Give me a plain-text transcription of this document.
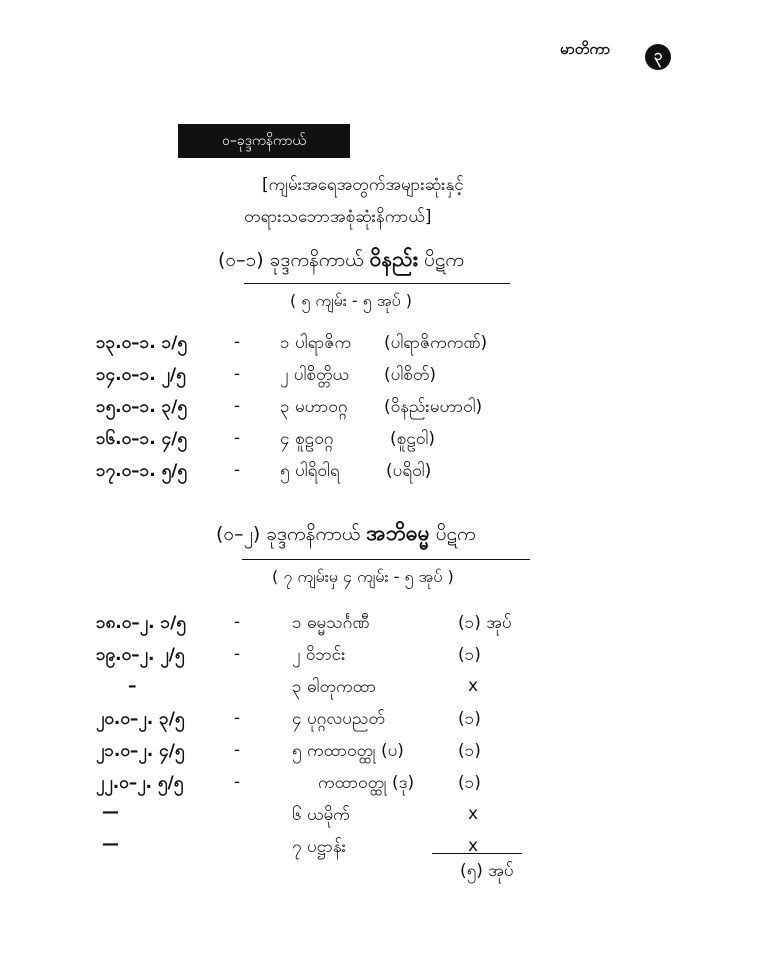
မာတိကာ	၃
ဝ–ခုဒ္ဒကနိကာယ်
[ကျမ်းအရေအတွက်အများဆုံးနှင့်
တရားသဘောအစုံဆုံးနိကာယ်]
(ဝ–၁) ခုဒ္ဒကနိကာယ် ဝိနည်း ပိဋက
( ၅ ကျမ်း - ၅ အုပ် )
၁၃.ဝ–၁. ၁/၅	- ၁ ပါရာဇိက (ပါရာဇိကကဏ်)
၁၄.ဝ–၁. ၂/၅	- ၂ ပါစိတ္တိယ (ပါစိတ်)
၁၅.ဝ–၁. ၃/၅	- ၃ မဟာဝဂ္ဂ (ဝိနည်းမဟာဝါ)
၁၆.ဝ–၁. ၄/၅	- ၄ စူဠဝဂ္ဂ	(စူဠဝါ)
၁၇.ဝ–၁. ၅/၅	- ၅ ပါရိဝါရ	(ပရိဝါ)
(ဝ–၂) ခုဒ္ဒကနိကာယ် အဘိဓမ္မ ပိဋက
( ၇ ကျမ်းမှ ၄ ကျမ်း - ၅ အုပ် )
၁၈.ဝ–၂. ၁/၅	-	၁ ဓမ္မသင်္ဂဏီ	(၁) အုပ်
၁၉.ဝ–၂. ၂/၅	-	၂ ဝိဘင်း	(၁)
–	၃ ဓါတုကထာ	x
၂၀.ဝ–၂. ၃/၅	-	၄ ပုဂ္ဂလပညတ်	(၁)
၂၁.ဝ–၂. ၄/၅	-	၅ ကထာဝတ္ထု (ပ)	(၁)
၂၂.ဝ–၂. ၅/၅	-	ကထာဝတ္ထု (ဒု)	(၁)
—	၆ ယမိုက်	x
—	၇ ပဋ္ဌာန်း	x
(၅) အုပ်
